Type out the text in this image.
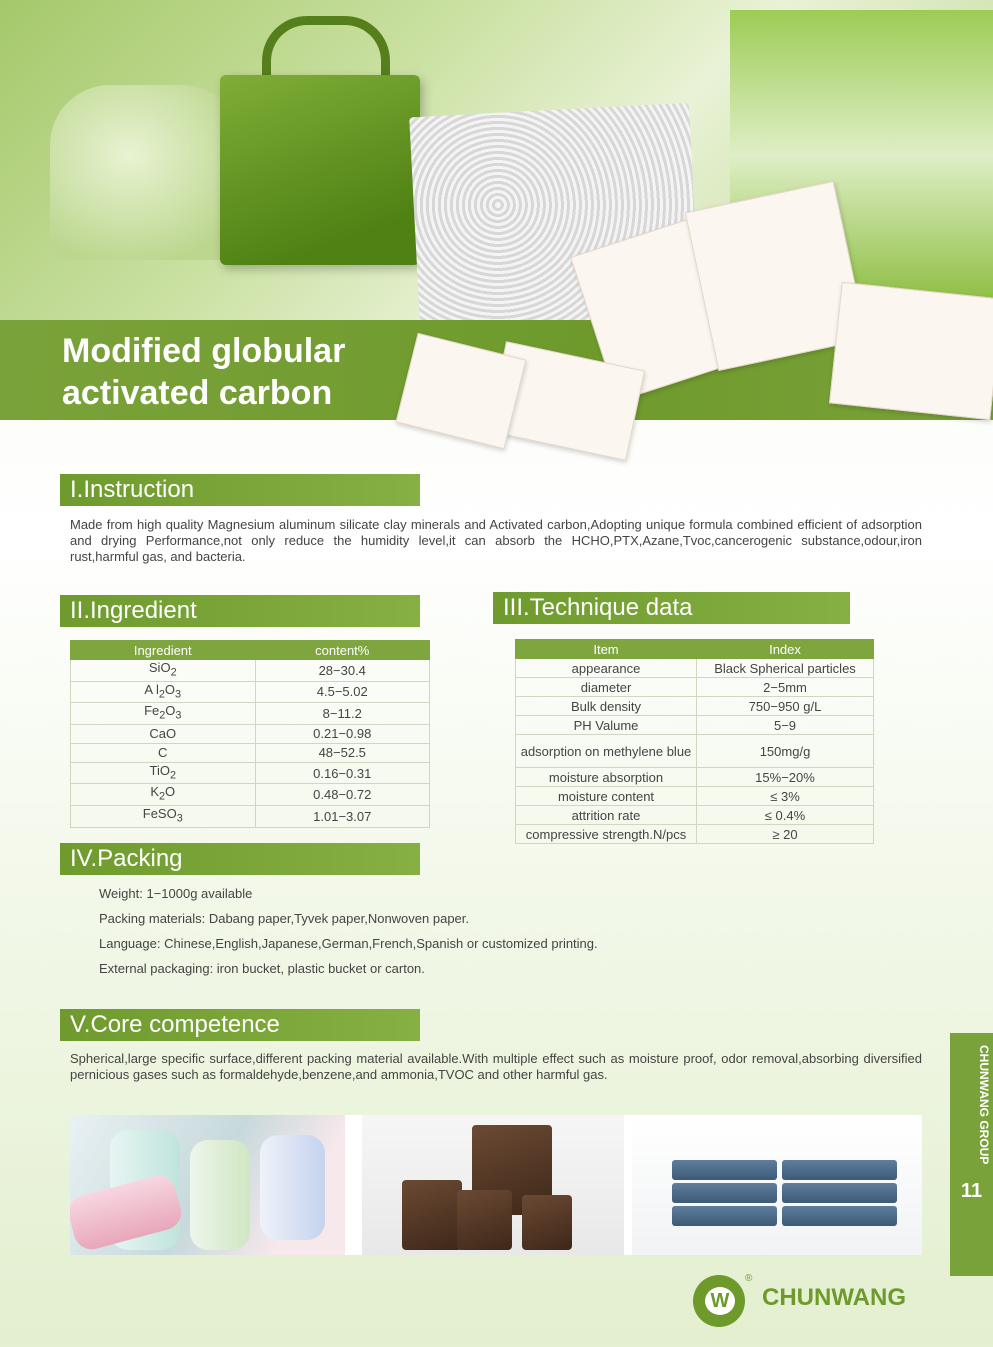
Modified globular
activated carbon
I.Instruction

Made from high quality Magnesium aluminum silicate clay minerals and Activated carbon,Adopting unique formula combined efficient of adsorption and drying Performance,not only reduce the humidity level,it can absorb the HCHO,PTX,Azane,Tvoc,cancerogenic substance,odour,iron rust,harmful gas, and bacteria.

II.Ingredient
Ingredient	content%
SiO$_2$	28−30.4
A $l_2O_3$	4.5−5.02
$Fe_2O_3$	8−11.2
CaO	0.21−0.98
C	48−52.5
TiO$_2$	0.16−0.31
$K_2O$	0.48−0.72
FeSO$_3$	1.01−3.07
III.Technique data
Item	Index
appearance	Black Spherical particles
diameter	2−5mm
Bulk density	750−950 g/L
PH Valume	5−9
adsorption on methylene blue	150mg/g
moisture absorption	15%−20%
moisture content	≤ 3%
attrition rate	≤ 0.4%
compressive strength.N/pcs	≥ 20
IV.Packing
Weight: 1−1000g available
Packing materials: Dabang paper,Tyvek paper,Nonwoven paper.
Language: Chinese,English,Japanese,German,French,Spanish or customized printing.
External packaging: iron bucket, plastic bucket or carton.
V.Core competence

Spherical,large specific surface,different packing material available.With multiple effect such as moisture proof, odor removal,absorbing diversified pernicious gases such as formaldehyde,benzene,and ammonia,TVOC and other harmful gas.	CHUNWANG GROUP
11
W
®
CHUNWANG
